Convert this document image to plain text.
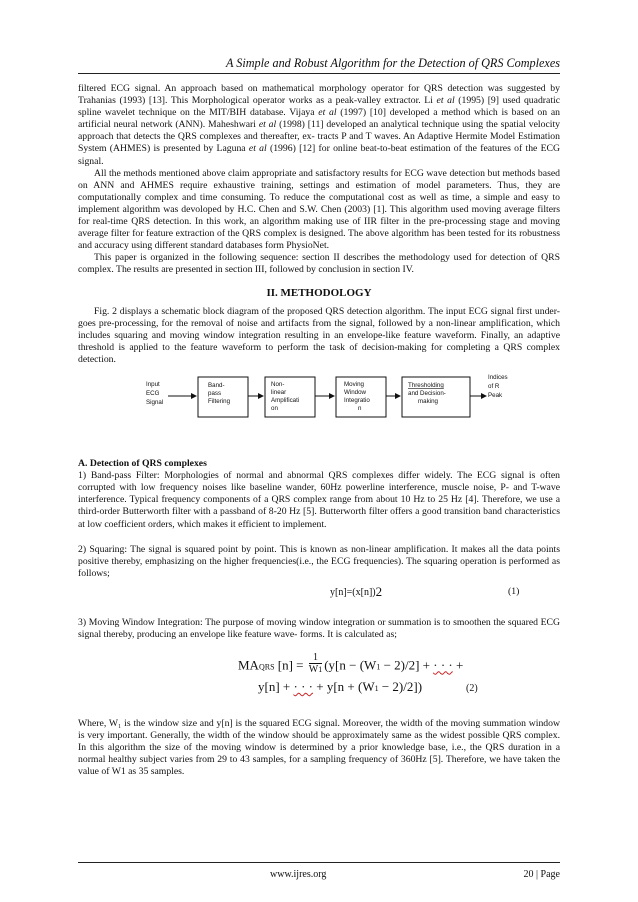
A Simple and Robust Algorithm for the Detection of QRS Complexes

filtered ECG signal. An approach based on mathematical morphology operator for QRS detection was suggested by Trahanias (1993) [13]. This Morphological operator works as a peak-valley extractor. Li et al (1995) [9] used quadratic spline wavelet technique on the MIT/BIH database. Vijaya et al (1997) [10] developed a method which is based on an artificial neural network (ANN). Maheshwari et al (1998) [11] developed an analytical technique using the spatial velocity approach that detects the QRS complexes and thereafter, ex- tracts P and T waves. An Adaptive Hermite Model Estimation System (AHMES) is presented by Laguna et al (1996) [12] for online beat-to-beat estimation of the features of the ECG signal.

All the methods mentioned above claim appropriate and satisfactory results for ECG wave detection but methods based on ANN and AHMES require exhaustive training, settings and estimation of model parameters. Thus, they are computationally complex and time consuming. To reduce the computational cost as well as time, a simple and easy to implement algorithm was devoloped by H.C. Chen and S.W. Chen (2003) [1]. This algorithm used moving average filters for real-time QRS detection. In this work, an algorithm making use of IIR filter in the pre-processing stage and moving average filter for feature extraction of the QRS complex is designed. The above algorithm has been tested for its robustness and accuracy using different standard databases form PhysioNet.

This paper is organized in the following sequence: section II describes the methodology used for detection of QRS complex. The results are presented in section III, followed by conclusion in section IV.

II. METHODOLOGY

Fig. 2 displays a schematic block diagram of the proposed QRS detection algorithm. The input ECG signal first under- goes pre-processing, for the removal of noise and artifacts from the signal, followed by a non-linear amplification, which includes squaring and moving window integration resulting in an envelope-like feature waveform. Finally, an adaptive threshold is applied to the feature waveform to perform the task of decision-making for completing a QRS complex detection.

Input
ECG
Signal
Band-
pass
Filtering
Non-
linear
Amplificati
on
Moving
Window
Integratio
n
Thresholding
and Decision-
making
Indices
of R
Peak
A. Detection of QRS complexes

1) Band-pass Filter: Morphologies of normal and abnormal QRS complexes differ widely. The ECG signal is often corrupted with low frequency noises like baseline wander, 60Hz powerline interference, muscle noise, P- and T-wave interference. Typical frequency components of a QRS complex range from about 10 Hz to 25 Hz [4]. Therefore, we use a third-order Butterworth filter with a passband of 8-20 Hz [5]. Butterworth filter offers a good transition band characteristics at low coefficient orders, which makes it efficient to implement.

2) Squaring: The signal is squared point by point. This is known as non-linear amplification. It makes all the data points positive thereby, emphasizing on the higher frequencies(i.e., the ECG frequencies). The squaring operation is performed as follows;

$y[n]=(x[n])^2$	(1)

3) Moving Window Integration: The purpose of moving window integration or summation is to smoothen the squared ECG signal thereby, producing an envelope like feature wave- forms. It is calculated as;

MAQRS $[n] = \frac{1}{W1} (y[n - (W1 - 2)/2]$ + · · · +
y[n] + · · · + y[n + (W1 − 2)/2])	(2)

Where, W₁ is the window size and y[n] is the squared ECG signal. Moreover, the width of the moving summation window is very important. Generally, the width of the window should be approximately same as the widest possible QRS complex. In this algorithm the size of the moving window is determined by a prior knowledge base, i.e., the QRS duration in a normal healthy subject varies from 29 to 43 samples, for a sampling frequency of 360Hz [5]. Therefore, we have taken the value of W1 as 35 samples.

www.ijres.org	20 | Page
